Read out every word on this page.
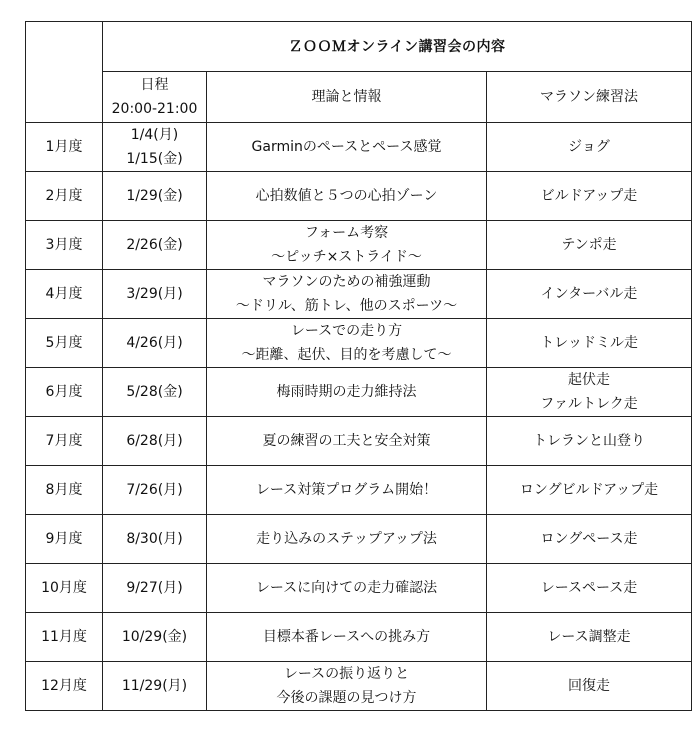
	ＺＯＯＭオンライン講習会の内容		

	日程
20:00-21:00	理論と情報	マラソン練習法
1月度	1/4(月)
1/15(金)	Garminのペースとペース感覚	ジョグ

2月度	1/29(金)	心拍数値と５つの心拍ゾーン	ビルドアップ走

3月度	2/26(金)	フォーム考察
～ピッチ×ストライド～	テンポ走

4月度	3/29(月)	マラソンのための補強運動
～ドリル、筋トレ、他のスポーツ～	インターバル走

5月度	4/26(月)	レースでの走り方
～距離、起伏、目的を考慮して～	トレッドミル走

6月度	5/28(金)	梅雨時期の走力維持法	起伏走
ファルトレク走

7月度	6/28(月)	夏の練習の工夫と安全対策	トレランと山登り

8月度	7/26(月)	レース対策プログラム開始！	ロングビルドアップ走

9月度	8/30(月)	走り込みのステップアップ法	ロングペース走

10月度	9/27(月)	レースに向けての走力確認法	レースペース走

11月度	10/29(金)	目標本番レースへの挑み方	レース調整走

12月度	11/29(月)	レースの振り返りと
今後の課題の見つけ方	回復走
